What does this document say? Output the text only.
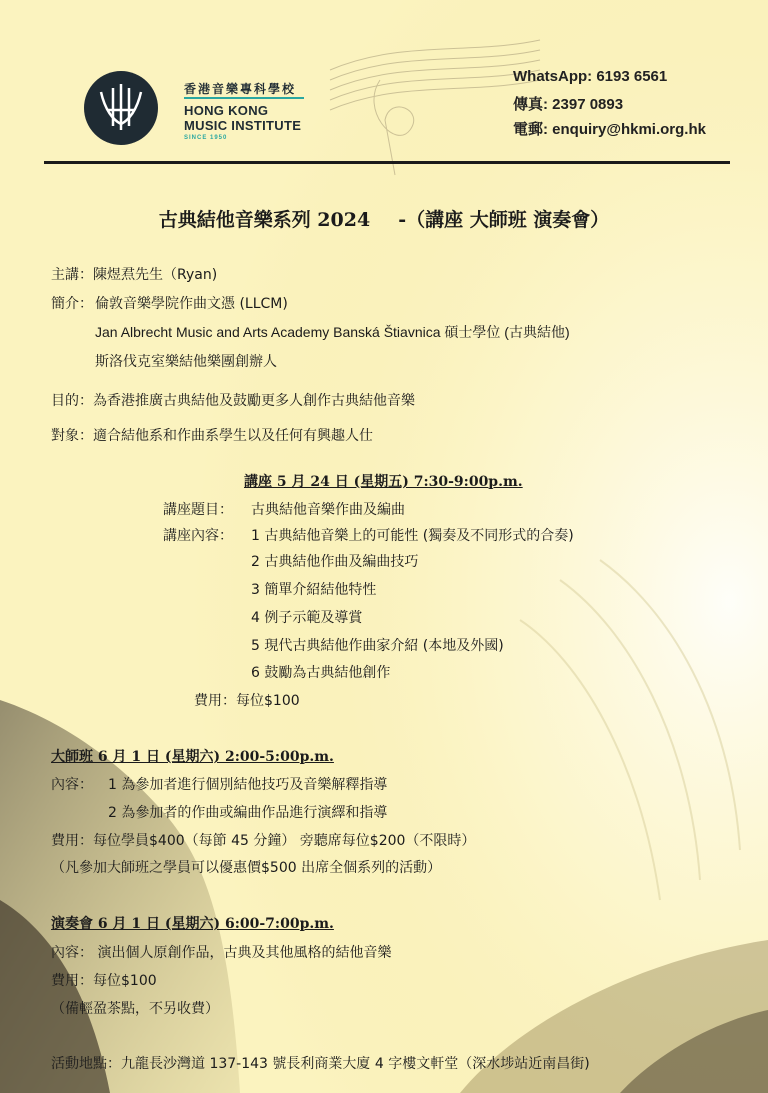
香港音樂專科學校
HONG KONG
MUSIC INSTITUTE
SINCE 1950
WhatsApp: 6193 6561
傳真: 2397 0893
電郵: enquiry@hkmi.org.hk
古典結他音樂系列 2024 -（講座 大師班 演奏會）
主講：陳煜焄先生（Ryan)
簡介： 倫敦音樂學院作曲文憑 (LLCM)
Jan Albrecht Music and Arts Academy Banská Štiavnica 碩士學位 (古典結他)
斯洛伐克室樂結他樂團創辦人
目的：為香港推廣古典結他及鼓勵更多人創作古典結他音樂
對象：適合結他系和作曲系學生以及任何有興趣人仕
講座 5 月 24 日 (星期五) 7:30-9:00p.m.
講座題目： 古典結他音樂作曲及編曲
講座內容： 1 古典結他音樂上的可能性 (獨奏及不同形式的合奏)
2 古典結他作曲及編曲技巧
3 簡單介紹結他特性
4 例子示範及導賞
5 現代古典結他作曲家介紹 (本地及外國)
6 鼓勵為古典結他創作
費用：每位$100
大師班 6 月 1 日 (星期六) 2:00-5:00p.m.
內容： 1 為參加者進行個別結他技巧及音樂解釋指導
2 為參加者的作曲或編曲作品進行演繹和指導
費用：每位學員$400（每節 45 分鐘） 旁聽席每位$200（不限時）
（凡參加大師班之學員可以優惠價$500 出席全個系列的活動）
演奏會 6 月 1 日 (星期六) 6:00-7:00p.m.
內容： 演出個人原創作品，古典及其他風格的結他音樂
費用：每位$100
（備輕盈茶點，不另收費）
活動地點：九龍長沙灣道 137-143 號長利商業大廈 4 字樓文軒堂（深水埗站近南昌街)
